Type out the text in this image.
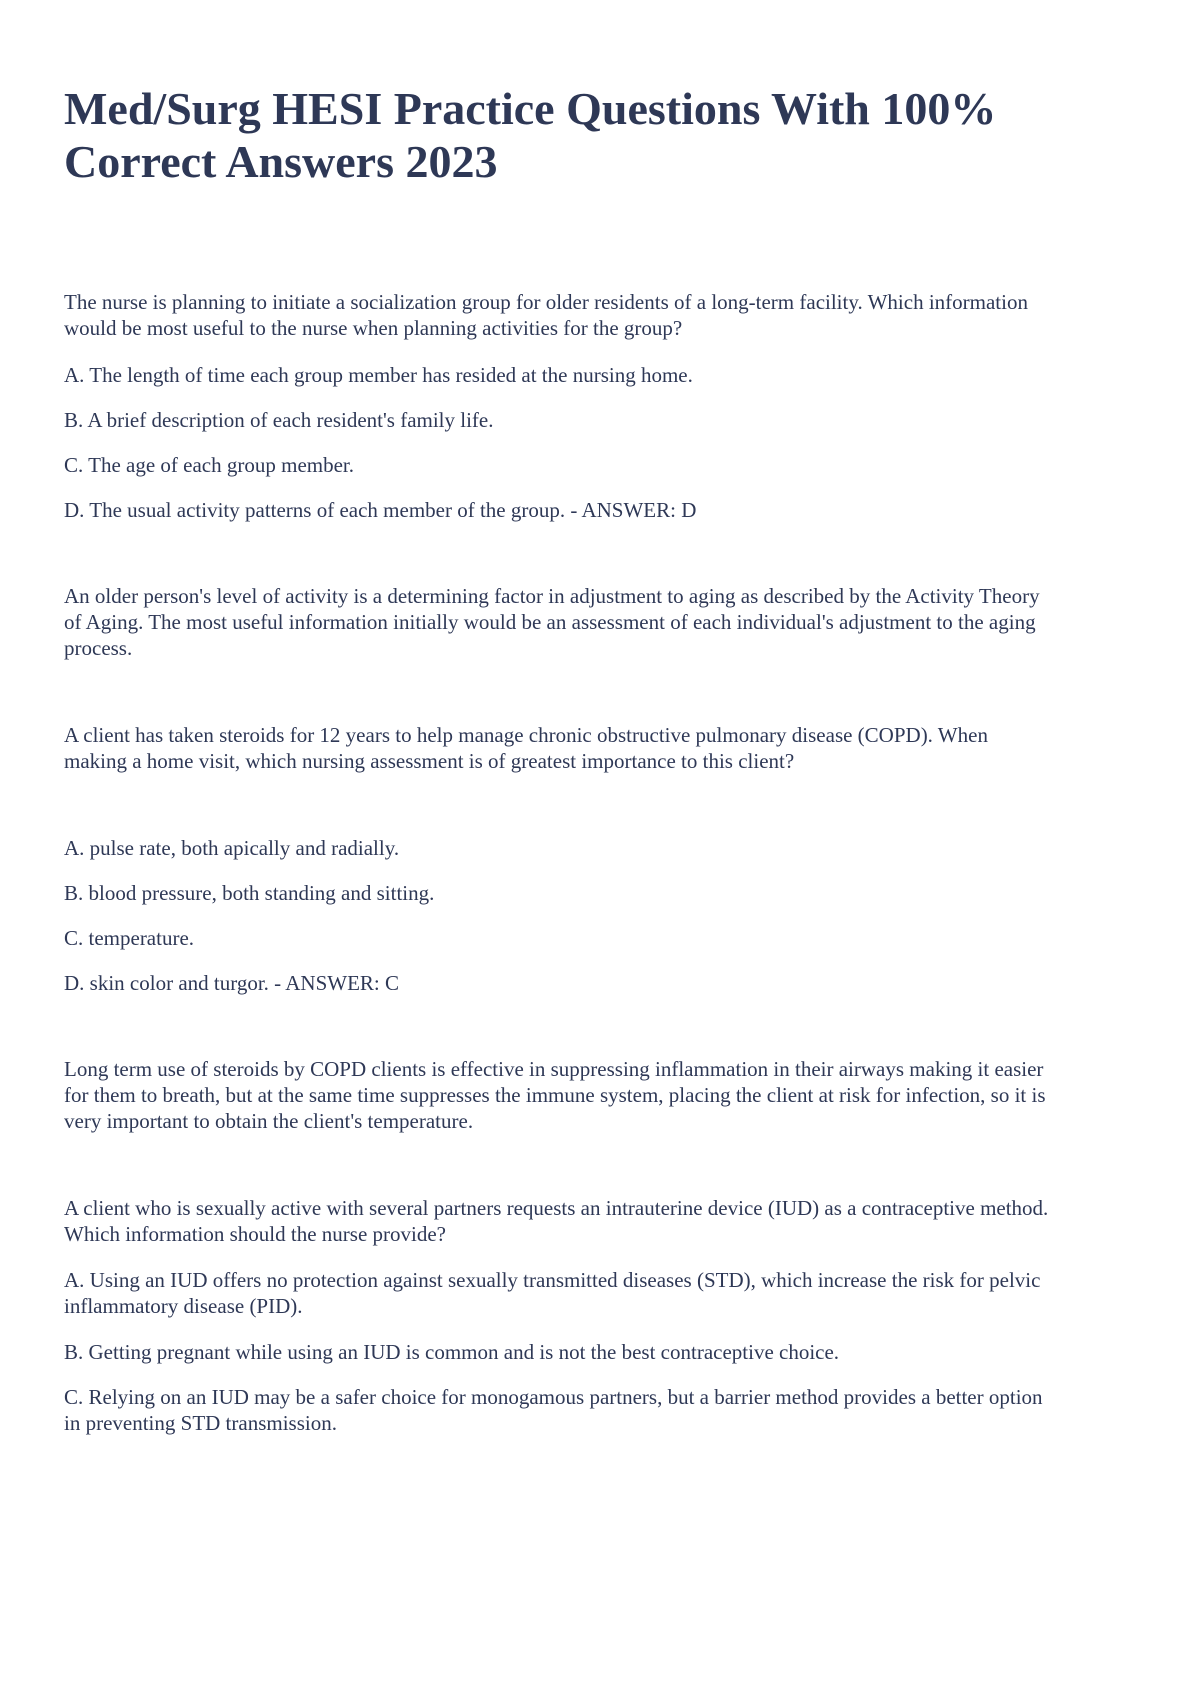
Med/Surg HESI Practice Questions With 100% Correct Answers 2023

The nurse is planning to initiate a socialization group for older residents of a long-term facility. Which information would be most useful to the nurse when planning activities for the group?

A. The length of time each group member has resided at the nursing home.

B. A brief description of each resident's family life.

C. The age of each group member.

D. The usual activity patterns of each member of the group. - ANSWER: D

An older person's level of activity is a determining factor in adjustment to aging as described by the Activity Theory of Aging. The most useful information initially would be an assessment of each individual's adjustment to the aging process.

A client has taken steroids for 12 years to help manage chronic obstructive pulmonary disease (COPD). When making a home visit, which nursing assessment is of greatest importance to this client?

A. pulse rate, both apically and radially.

B. blood pressure, both standing and sitting.

C. temperature.

D. skin color and turgor. - ANSWER: C

Long term use of steroids by COPD clients is effective in suppressing inflammation in their airways making it easier for them to breath, but at the same time suppresses the immune system, placing the client at risk for infection, so it is very important to obtain the client's temperature.

A client who is sexually active with several partners requests an intrauterine device (IUD) as a contraceptive method. Which information should the nurse provide?

A. Using an IUD offers no protection against sexually transmitted diseases (STD), which increase the risk for pelvic inflammatory disease (PID).

B. Getting pregnant while using an IUD is common and is not the best contraceptive choice.

C. Relying on an IUD may be a safer choice for monogamous partners, but a barrier method provides a better option in preventing STD transmission.
